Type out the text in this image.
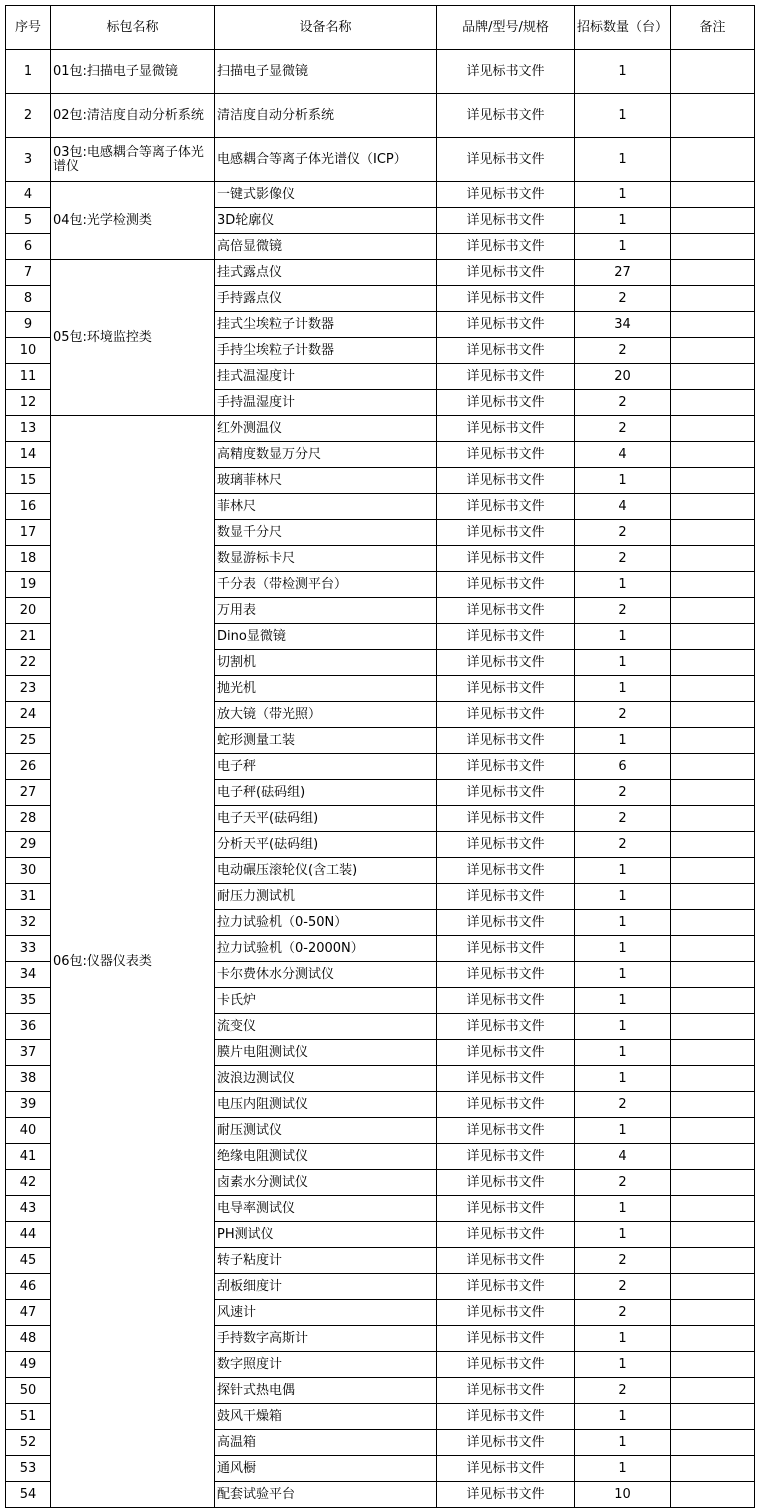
序号	标包名称	设备名称	品牌/型号/规格	招标数量（台）	备注
1	01包:扫描电子显微镜	扫描电子显微镜	详见标书文件	1	
2	02包:清洁度自动分析系统	清洁度自动分析系统	详见标书文件	1	
3	03包:电感耦合等离子体光谱仪	电感耦合等离子体光谱仪（ICP）	详见标书文件	1	
4	04包:光学检测类	一键式影像仪	详见标书文件	1	
5		3D轮廓仪	详见标书文件	1	
6		高倍显微镜	详见标书文件	1	
7	05包:环境监控类	挂式露点仪	详见标书文件	27	
8		手持露点仪	详见标书文件	2	
9		挂式尘埃粒子计数器	详见标书文件	34	
10		手持尘埃粒子计数器	详见标书文件	2	
11		挂式温湿度计	详见标书文件	20	
12		手持温湿度计	详见标书文件	2	
13	06包:仪器仪表类	红外测温仪	详见标书文件	2	
14		高精度数显万分尺	详见标书文件	4	
15		玻璃菲林尺	详见标书文件	1	
16		菲林尺	详见标书文件	4	
17		数显千分尺	详见标书文件	2	
18		数显游标卡尺	详见标书文件	2	
19		千分表（带检测平台）	详见标书文件	1	
20		万用表	详见标书文件	2	
21		Dino显微镜	详见标书文件	1	
22		切割机	详见标书文件	1	
23		抛光机	详见标书文件	1	
24		放大镜（带光照）	详见标书文件	2	
25		蛇形测量工装	详见标书文件	1	
26		电子秤	详见标书文件	6	
27		电子秤(砝码组)	详见标书文件	2	
28		电子天平(砝码组)	详见标书文件	2	
29		分析天平(砝码组)	详见标书文件	2	
30		电动碾压滚轮仪(含工装)	详见标书文件	1	
31		耐压力测试机	详见标书文件	1	
32		拉力试验机（0-50N）	详见标书文件	1	
33		拉力试验机（0-2000N）	详见标书文件	1	
34		卡尔费休水分测试仪	详见标书文件	1	
35		卡氏炉	详见标书文件	1	
36		流变仪	详见标书文件	1	
37		膜片电阻测试仪	详见标书文件	1	
38		波浪边测试仪	详见标书文件	1	
39		电压内阻测试仪	详见标书文件	2	
40		耐压测试仪	详见标书文件	1	
41		绝缘电阻测试仪	详见标书文件	4	
42		卤素水分测试仪	详见标书文件	2	
43		电导率测试仪	详见标书文件	1	
44		PH测试仪	详见标书文件	1	
45		转子粘度计	详见标书文件	2	
46		刮板细度计	详见标书文件	2	
47		风速计	详见标书文件	2	
48		手持数字高斯计	详见标书文件	1	
49		数字照度计	详见标书文件	1	
50		探针式热电偶	详见标书文件	2	
51		鼓风干燥箱	详见标书文件	1	
52		高温箱	详见标书文件	1	
53		通风橱	详见标书文件	1	
54		配套试验平台	详见标书文件	10	
